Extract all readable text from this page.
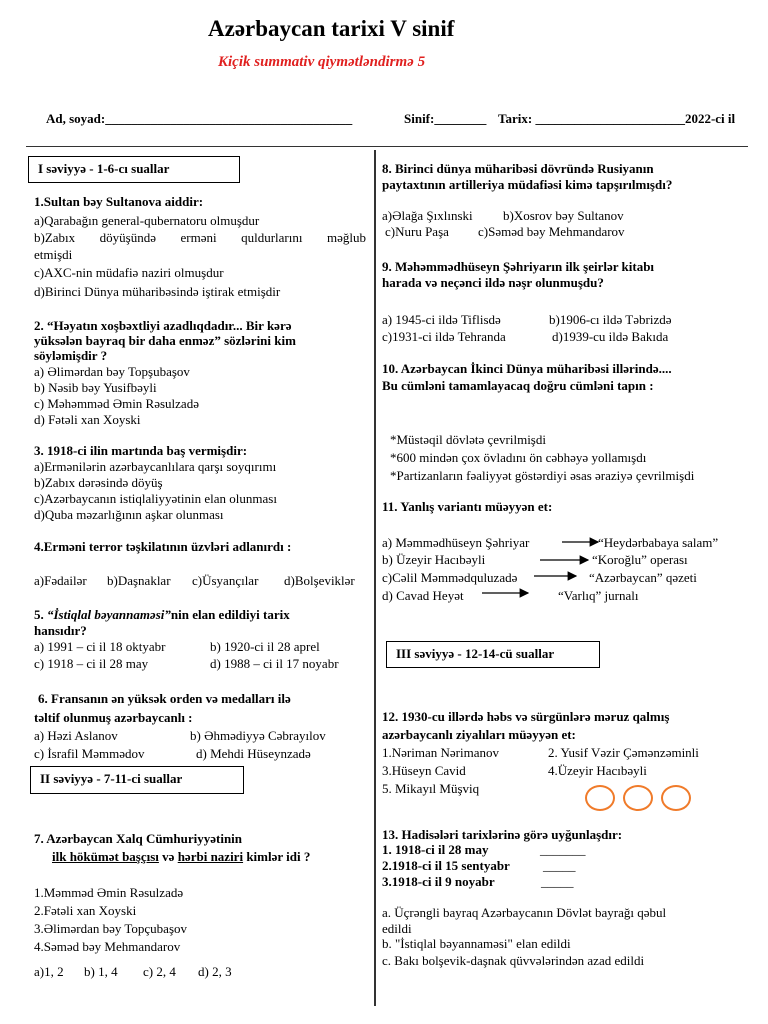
Azərbaycan tarixi V sinif
Kiçik summativ qiymətləndirmə 5
Ad, soyad:______________________________________	Sinif:________ Tarix: _______________________2022-ci il
I səviyyə - 1-6-cı suallar
1.Sultan bəy Sultanova aiddir:
a)Qarabağın general-qubernatoru olmuşdur
b)Zabıx döyüşündə erməni quldurlarını məğlub
etmişdi
c)AXC-nin müdafiə naziri olmuşdur
d)Birinci Dünya müharibəsində iştirak etmişdir
2. “Həyatın xoşbəxtliyi azadlıqdadır... Bir kərə
yüksələn bayraq bir daha enməz” sözlərini kim
söyləmişdir ?
a) Əlimərdan bəy Topşubaşov
b) Nəsib bəy Yusifbəyli
c) Məhəmməd Əmin Rəsulzadə
d) Fətəli xan Xoyski
3. 1918-ci ilin martında baş vermişdir:
a)Ermənilərin azərbaycanlılara qarşı soyqırımı
b)Zabıx dərəsində döyüş
c)Azərbaycanın istiqlaliyyətinin elan olunması
d)Quba məzarlığının aşkar olunması
4.Erməni terror təşkilatının üzvləri adlanırdı :
a)Fədailər b)Daşnaklar c)Üsyançılar d)Bolşeviklər
5. “İstiqlal bəyannaməsi”nin elan edildiyi tarix
hansıdır?
a) 1991 – ci il 18 oktyabr	b) 1920-ci il 28 aprel
c) 1918 – ci il 28 may	d) 1988 – ci il 17 noyabr
6. Fransanın ən yüksək orden və medalları ilə
təltif olunmuş azərbaycanlı :
a) Həzi Aslanov	b) Əhmədiyyə Cəbrayılov
c) İsrafil Məmmədov	d) Mehdi Hüseynzadə
II səviyyə - 7-11-ci suallar
7. Azərbaycan Xalq Cümhuriyyətinin
ilk hökümət başçısı və hərbi naziri kimlər idi ?
1.Məmməd Əmin Rəsulzadə
2.Fətəli xan Xoyski
3.Əlimərdan bəy Topçubaşov
4.Səməd bəy Mehmandarov
a)1, 2 b) 1, 4 c) 2, 4 d) 2, 3
8. Birinci dünya müharibəsi dövründə Rusiyanın
paytaxtının artilleriya müdafiəsi kimə tapşırılmışdı?
a)Əlağa Şıxlınski b)Xosrov bəy Sultanov
c)Nuru Paşa c)Səməd bəy Mehmandarov
9. Məhəmmədhüseyn Şəhriyarın ilk şeirlər kitabı
harada və neçənci ildə nəşr olunmuşdu?
a) 1945-ci ildə Tiflisdə	b)1906-cı ildə Təbrizdə
c)1931-ci ildə Tehranda	d)1939-cu ildə Bakıda
10. Azərbaycan İkinci Dünya müharibəsi illərində....
Bu cümləni tamamlayacaq doğru cümləni tapın :
*Müstəqil dövlətə çevrilmişdi
*600 mindən çox övladını ön cəbhəyə yollamışdı
*Partizanların fəaliyyət göstərdiyi əsas əraziyə çevrilmişdi
11. Yanlış variantı müəyyən et:
a) Məmmədhüseyn Şəhriyar	“Heydərbabaya salam”
b) Üzeyir Hacıbəyli	“Koroğlu” operası
c)Cəlil Məmmədquluzadə	“Azərbaycan” qəzeti
d) Cavad Heyət	“Varlıq” jurnalı
III səviyyə - 12-14-cü suallar
12. 1930-cu illərdə həbs və sürgünlərə məruz qalmış
azərbaycanlı ziyalıları müəyyən et:
1.Nəriman Nərimanov	2. Yusif Vəzir Çəmənzəminli
3.Hüseyn Cavid	4.Üzeyir Hacıbəyli
5. Mikayıl Müşviq
13. Hadisələri tarixlərinə görə uyğunlaşdır:
1. 1918-ci il 28 may	_______
2.1918-ci il 15 sentyabr	_____
3.1918-ci il 9 noyabr	_____
a. Üçrəngli bayraq Azərbaycanın Dövlət bayrağı qəbul
edildi
b. "İstiqlal bəyannaməsi" elan edildi
c. Bakı bolşevik-daşnak qüvvələrindən azad edildi
